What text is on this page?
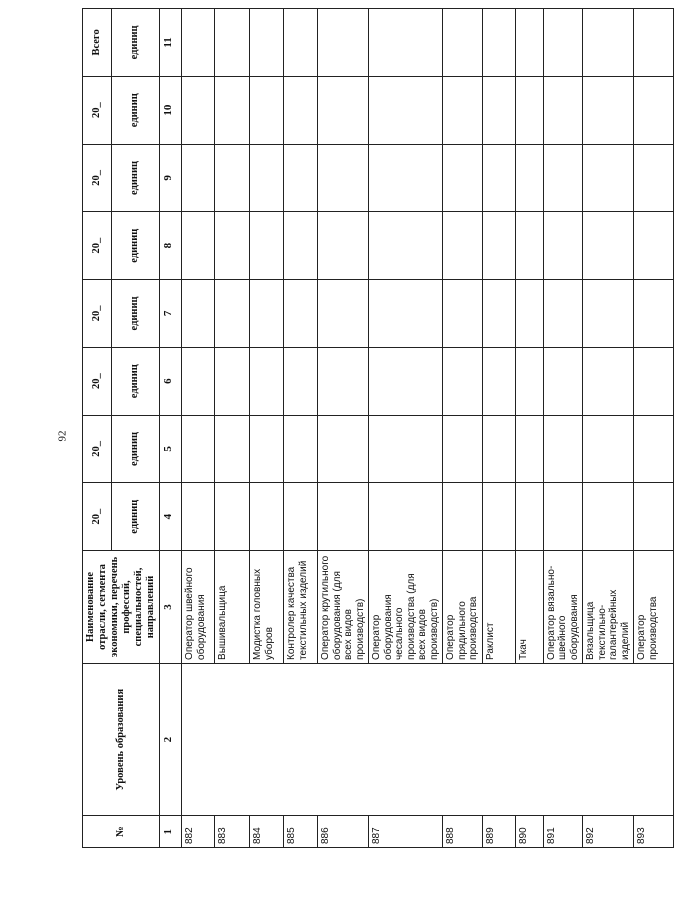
92
№	Уровень образования	Наименование отрасли, сегмента экономики, перечень профессий, специальностей, направлений	20_	20_	20_	20_	20_	20_	20_	Всего
			единиц	единиц	единиц	единиц	единиц	единиц	единиц	единиц
1	2	3	4	5	6	7	8	9	10	11
882		Оператор швейного оборудования								
883		Вышивальщица								
884		Модистка головных уборов								
885		Контролер качества текстильных изделий								
886		Оператор крутильного оборудования (для всех видов производств)								
887		Оператор оборудования чесального производства (для всех видов производств)								
888		Оператор прядильного производства								
889		Раклист								
890		Ткач								
891		Оператор вязально-швейного оборудования								
892		Вязальщица текстильно-галантерейных изделий								
893		Оператор производства								
